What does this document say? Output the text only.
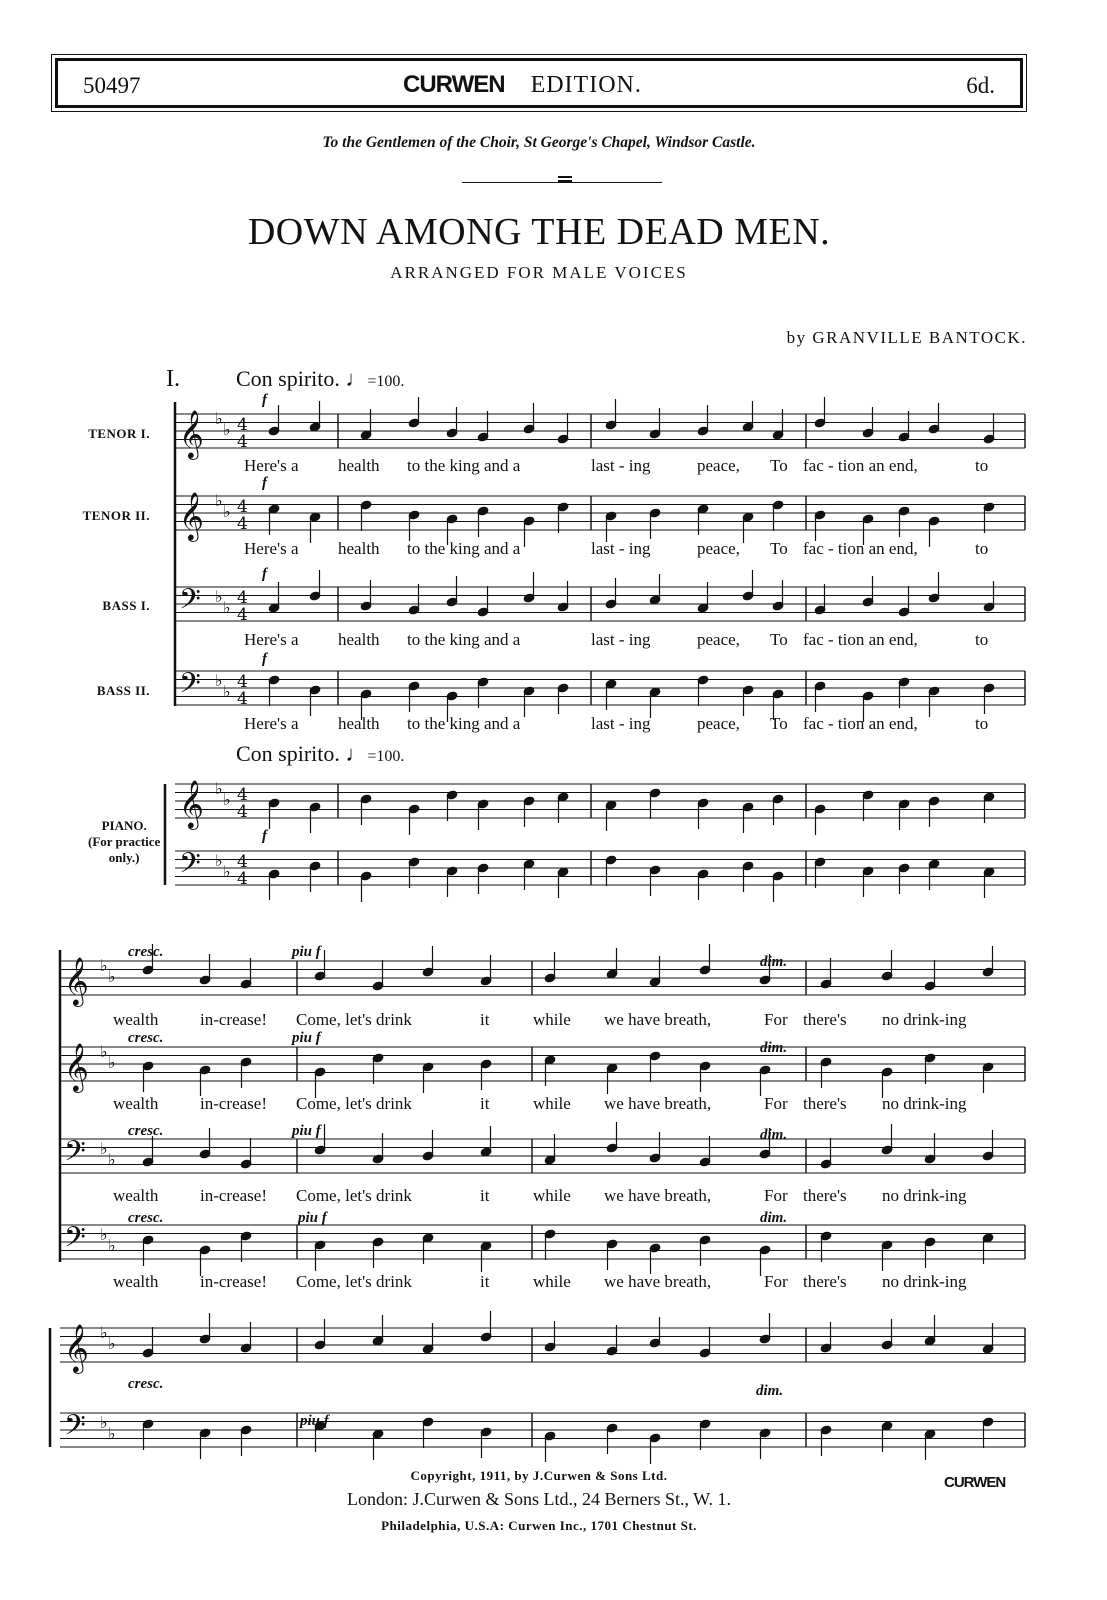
50497	CURWEN EDITION.	6d.
To the Gentlemen of the Choir, St George's Chapel, Windsor Castle.
DOWN AMONG THE DEAD MEN.
ARRANGED FOR MALE VOICES
by GRANVILLE BANTOCK.
I.	Con spirito. ♩=100.
Con spirito. ♩=100.
TENOR I.
TENOR II.
BASS I.
BASS II.
PIANO.
(For practice
only.)
𝄞 ♭
♭ 4
4
𝄞 ♭
♭ 4
4
𝄢 ♭
♭ 4
4
𝄢 ♭
♭ 4
4
𝄞 ♭
♭ 4
4
𝄢 ♭
♭ 4
4
𝄞 ♭
♭
𝄞 ♭
♭
𝄢 ♭
♭
𝄢 ♭
♭
𝄞 ♭
♭
𝄢 ♭
♭
f
f
f
f
f
cresc.	piu f
dim.
cresc.	piu f
dim.
cresc.	piu f	dim.
cresc.	piu f	dim.
cresc.
piu f
dim.
Here's a health to the king and a	last - ing	peace, To fac - tion an end,	to
Here's a health to the king and a	last - ing	peace, To fac - tion an end,	to
Here's a health to the king and a	last - ing	peace, To fac - tion an end,	to
Here's a health to the king and a	last - ing	peace, To fac - tion an end,	to
wealth in-crease! Come, let's drink	it	while we have breath,	For there's no drink-ing
wealth in-crease! Come, let's drink	it	while we have breath,	For there's no drink-ing
wealth in-crease! Come, let's drink	it	while we have breath,	For there's no drink-ing
wealth in-crease! Come, let's drink	it	while we have breath,	For there's no drink-ing
Copyright, 1911, by J.Curwen & Sons Ltd.
London: J.Curwen & Sons Ltd., 24 Berners St., W. 1.
Philadelphia, U.S.A: Curwen Inc., 1701 Chestnut St.
CURWEN
